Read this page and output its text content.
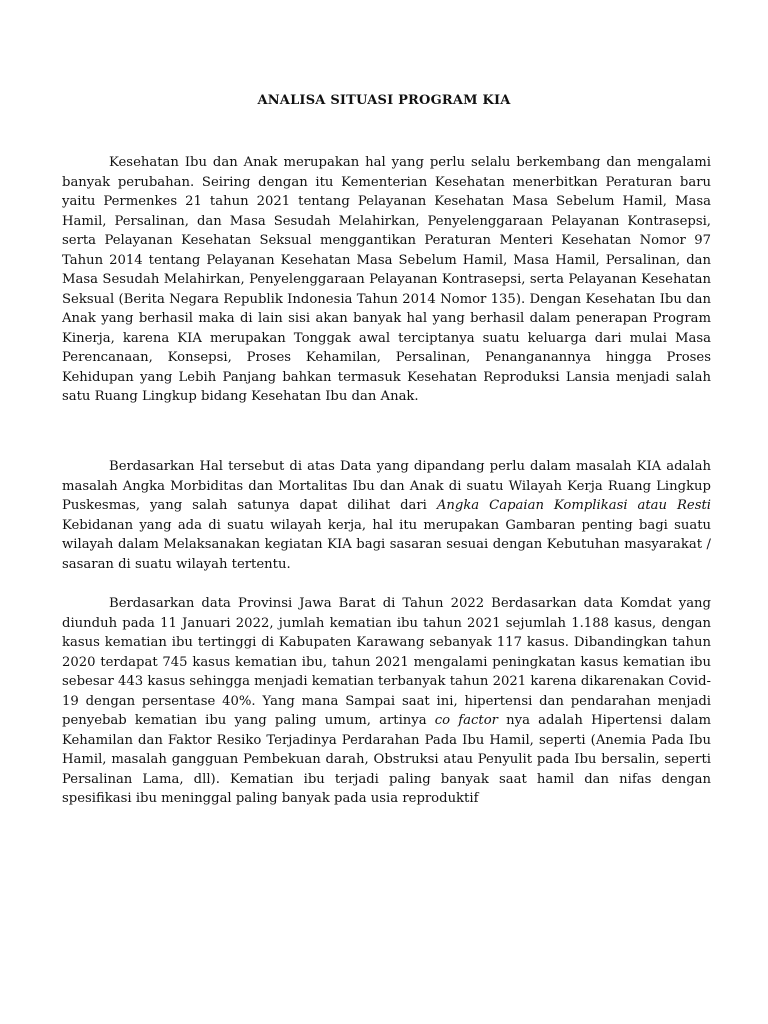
ANALISA SITUASI PROGRAM KIA

Kesehatan Ibu dan Anak merupakan hal yang perlu selalu berkembang dan mengalami banyak perubahan. Seiring dengan itu Kementerian Kesehatan menerbitkan Peraturan baru yaitu Permenkes 21 tahun 2021 tentang Pelayanan Kesehatan Masa Sebelum Hamil, Masa Hamil, Persalinan, dan Masa Sesudah Melahirkan, Penyelenggaraan Pelayanan Kontrasepsi, serta Pelayanan Kesehatan Seksual menggantikan Peraturan Menteri Kesehatan Nomor 97 Tahun 2014 tentang Pelayanan Kesehatan Masa Sebelum Hamil, Masa Hamil, Persalinan, dan Masa Sesudah Melahirkan, Penyelenggaraan Pelayanan Kontrasepsi, serta Pelayanan Kesehatan Seksual (Berita Negara Republik Indonesia Tahun 2014 Nomor 135). Dengan Kesehatan Ibu dan Anak yang berhasil maka di lain sisi akan banyak hal yang berhasil dalam penerapan Program Kinerja, karena KIA merupakan Tonggak awal terciptanya suatu keluarga dari mulai Masa Perencanaan, Konsepsi, Proses Kehamilan, Persalinan, Penanganannya hingga Proses Kehidupan yang Lebih Panjang bahkan termasuk Kesehatan Reproduksi Lansia menjadi salah satu Ruang Lingkup bidang Kesehatan Ibu dan Anak.

Berdasarkan Hal tersebut di atas Data yang dipandang perlu dalam masalah KIA adalah masalah Angka Morbiditas dan Mortalitas Ibu dan Anak di suatu Wilayah Kerja Ruang Lingkup Puskesmas, yang salah satunya dapat dilihat dari Angka Capaian Komplikasi atau Resti Kebidanan yang ada di suatu wilayah kerja, hal itu merupakan Gambaran penting bagi suatu wilayah dalam Melaksanakan kegiatan KIA bagi sasaran sesuai dengan Kebutuhan masyarakat / sasaran di suatu wilayah tertentu.

Berdasarkan data Provinsi Jawa Barat di Tahun 2022 Berdasarkan data Komdat yang diunduh pada 11 Januari 2022, jumlah kematian ibu tahun 2021 sejumlah 1.188 kasus, dengan kasus kematian ibu tertinggi di Kabupaten Karawang sebanyak 117 kasus. Dibandingkan tahun 2020 terdapat 745 kasus kematian ibu, tahun 2021 mengalami peningkatan kasus kematian ibu sebesar 443 kasus sehingga menjadi kematian terbanyak tahun 2021 karena dikarenakan Covid-19 dengan persentase 40%. Yang mana Sampai saat ini, hipertensi dan pendarahan menjadi penyebab kematian ibu yang paling umum, artinya co factor nya adalah Hipertensi dalam Kehamilan dan Faktor Resiko Terjadinya Perdarahan Pada Ibu Hamil, seperti (Anemia Pada Ibu Hamil, masalah gangguan Pembekuan darah, Obstruksi atau Penyulit pada Ibu bersalin, seperti Persalinan Lama, dll). Kematian ibu terjadi paling banyak saat hamil dan nifas dengan spesifikasi ibu meninggal paling banyak pada usia reproduktif
